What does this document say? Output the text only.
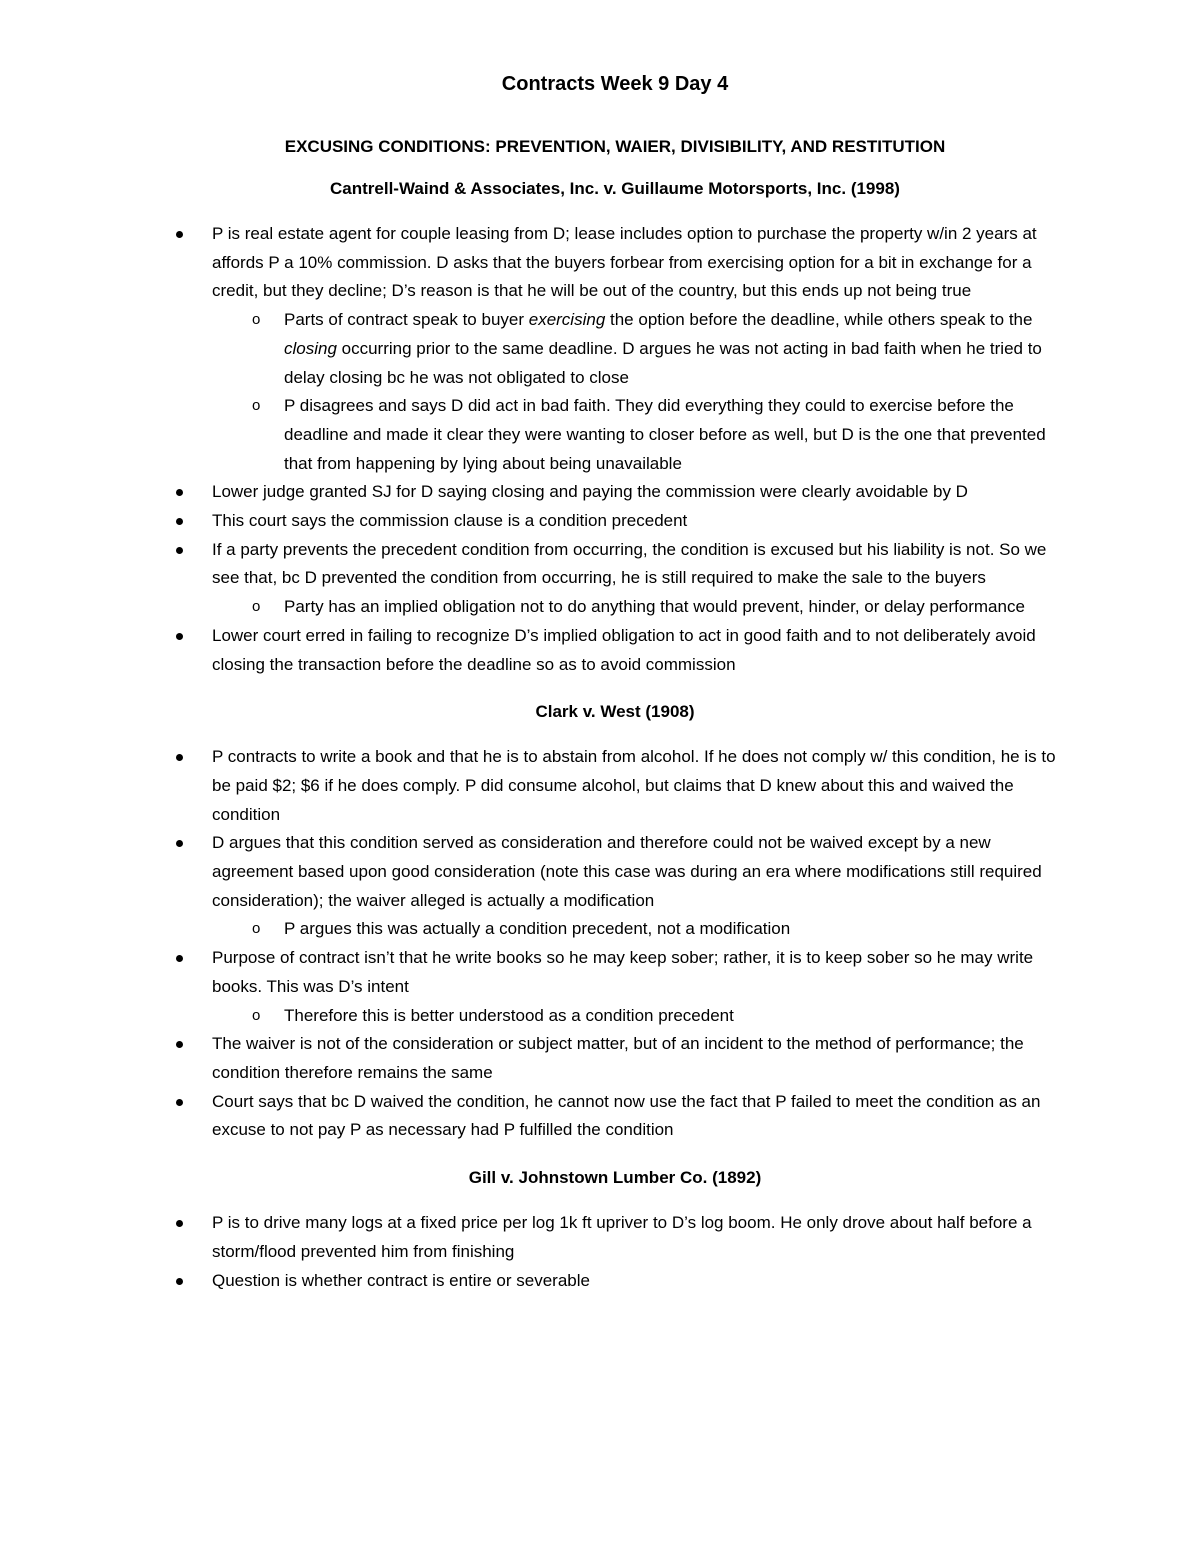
Contracts Week 9 Day 4
EXCUSING CONDITIONS: PREVENTION, WAIER, DIVISIBILITY, AND RESTITUTION
Cantrell-Waind & Associates, Inc. v. Guillaume Motorsports, Inc. (1998)
P is real estate agent for couple leasing from D; lease includes option to purchase the property w/in 2 years at affords P a 10% commission. D asks that the buyers forbear from exercising option for a bit in exchange for a credit, but they decline; D’s reason is that he will be out of the country, but this ends up not being true
o Parts of contract speak to buyer exercising the option before the deadline, while others speak to the closing occurring prior to the same deadline. D argues he was not acting in bad faith when he tried to delay closing bc he was not obligated to close
o P disagrees and says D did act in bad faith. They did everything they could to exercise before the deadline and made it clear they were wanting to closer before as well, but D is the one that prevented that from happening by lying about being unavailable
Lower judge granted SJ for D saying closing and paying the commission were clearly avoidable by D
This court says the commission clause is a condition precedent
If a party prevents the precedent condition from occurring, the condition is excused but his liability is not. So we see that, bc D prevented the condition from occurring, he is still required to make the sale to the buyers
o Party has an implied obligation not to do anything that would prevent, hinder, or delay performance
Lower court erred in failing to recognize D’s implied obligation to act in good faith and to not deliberately avoid closing the transaction before the deadline so as to avoid commission
Clark v. West (1908)
P contracts to write a book and that he is to abstain from alcohol. If he does not comply w/ this condition, he is to be paid $2; $6 if he does comply. P did consume alcohol, but claims that D knew about this and waived the condition
D argues that this condition served as consideration and therefore could not be waived except by a new agreement based upon good consideration (note this case was during an era where modifications still required consideration); the waiver alleged is actually a modification
o P argues this was actually a condition precedent, not a modification
Purpose of contract isn’t that he write books so he may keep sober; rather, it is to keep sober so he may write books. This was D’s intent
o Therefore this is better understood as a condition precedent
The waiver is not of the consideration or subject matter, but of an incident to the method of performance; the condition therefore remains the same
Court says that bc D waived the condition, he cannot now use the fact that P failed to meet the condition as an excuse to not pay P as necessary had P fulfilled the condition
Gill v. Johnstown Lumber Co. (1892)
P is to drive many logs at a fixed price per log 1k ft upriver to D’s log boom. He only drove about half before a storm/flood prevented him from finishing
Question is whether contract is entire or severable
